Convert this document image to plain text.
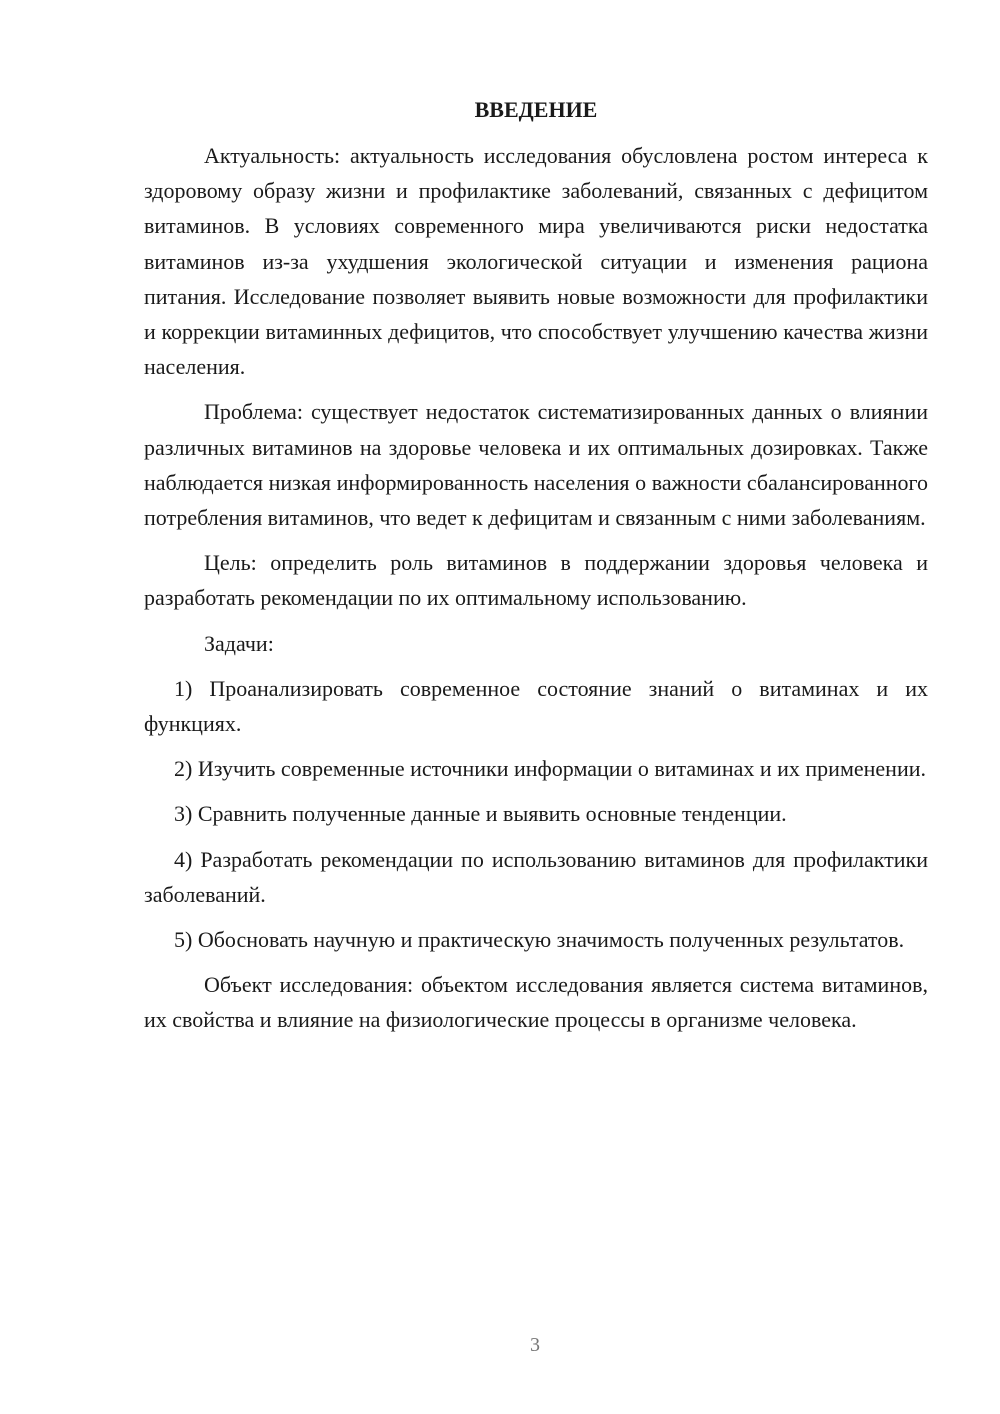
ВВЕДЕНИЕ

Актуальность: актуальность исследования обусловлена ростом интереса к здоровому образу жизни и профилактике заболеваний, связанных с дефицитом витаминов. В условиях современного мира увеличиваются риски недостатка витаминов из-за ухудшения экологической ситуации и изменения рациона питания. Исследование позволяет выявить новые возможности для профилактики и коррекции витаминных дефицитов, что способствует улучшению качества жизни населения.

Проблема: существует недостаток систематизированных данных о влиянии различных витаминов на здоровье человека и их оптимальных дозировках. Также наблюдается низкая информированность населения о важности сбалансированного потребления витаминов, что ведет к дефицитам и связанным с ними заболеваниям.

Цель: определить роль витаминов в поддержании здоровья человека и разработать рекомендации по их оптимальному использованию.

Задачи:

1) Проанализировать современное состояние знаний о витаминах и их функциях.

2) Изучить современные источники информации о витаминах и их применении.

3) Сравнить полученные данные и выявить основные тенденции.

4) Разработать рекомендации по использованию витаминов для профилактики заболеваний.

5) Обосновать научную и практическую значимость полученных результатов.

Объект исследования: объектом исследования является система витаминов, их свойства и влияние на физиологические процессы в организме человека.

3
